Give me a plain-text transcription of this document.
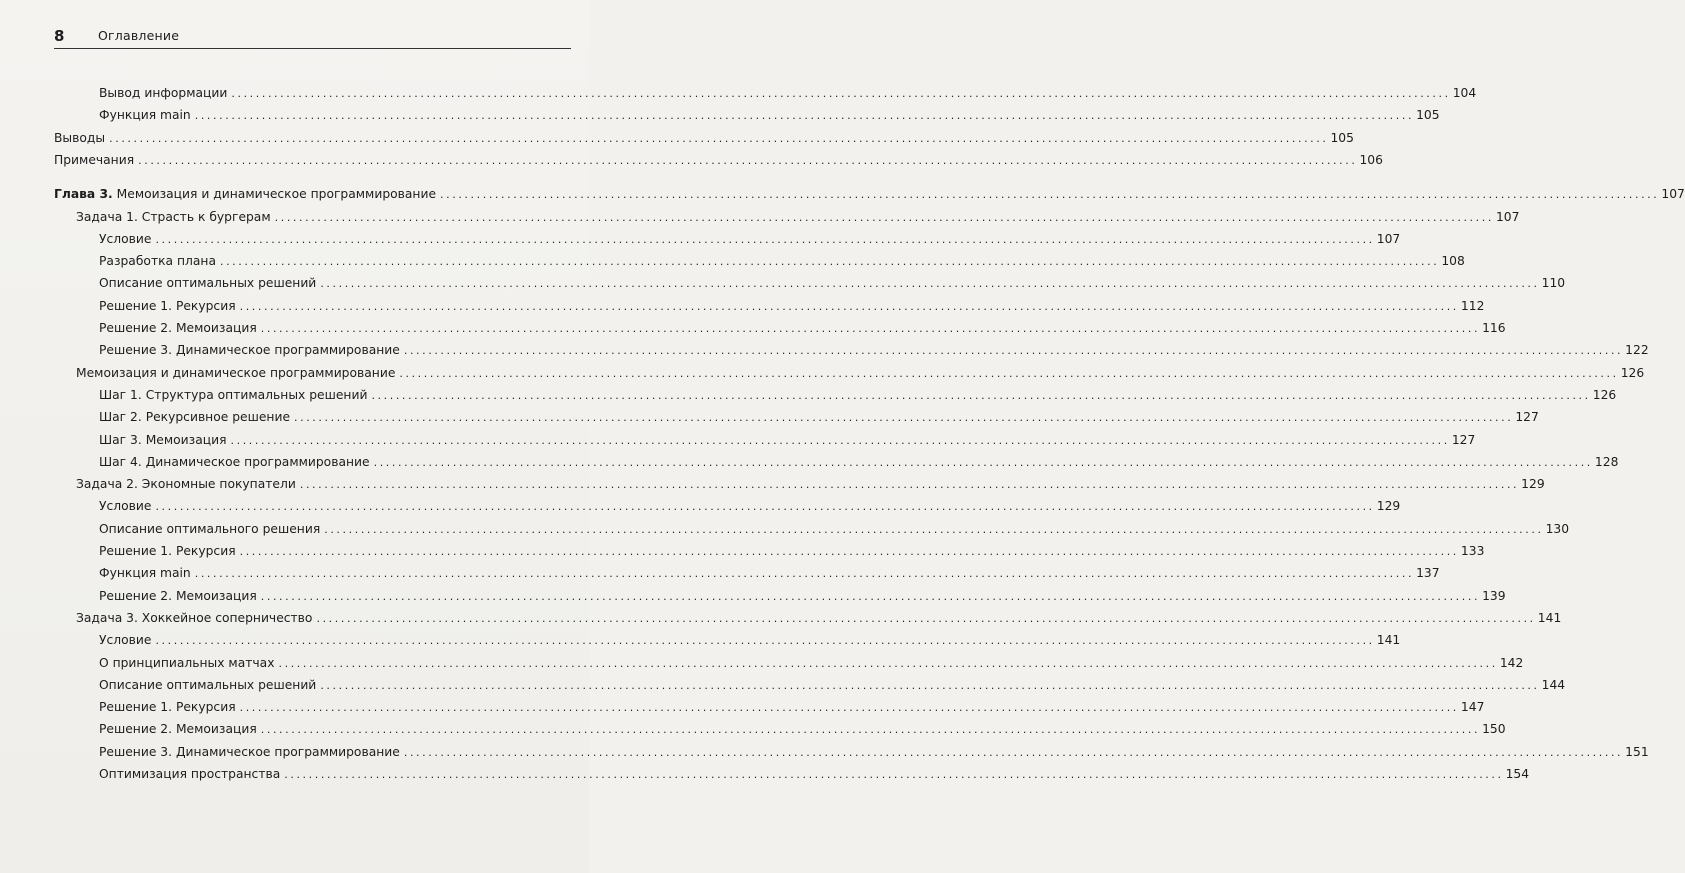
8	Оглавление
Вывод информации ........................................................................................................................................................................................................ 104
Функция main ........................................................................................................................................................................................................ 105
Выводы ........................................................................................................................................................................................................ 105
Примечания ........................................................................................................................................................................................................ 106
Глава 3. Мемоизация и динамическое программирование ........................................................................................................................................................................................................ 107
Задача 1. Страсть к бургерам ........................................................................................................................................................................................................ 107
Условие ........................................................................................................................................................................................................ 107
Разработка плана ........................................................................................................................................................................................................ 108
Описание оптимальных решений ........................................................................................................................................................................................................ 110
Решение 1. Рекурсия ........................................................................................................................................................................................................ 112
Решение 2. Мемоизация ........................................................................................................................................................................................................ 116
Решение 3. Динамическое программирование ........................................................................................................................................................................................................ 122
Мемоизация и динамическое программирование ........................................................................................................................................................................................................ 126
Шаг 1. Структура оптимальных решений ........................................................................................................................................................................................................ 126
Шаг 2. Рекурсивное решение ........................................................................................................................................................................................................ 127
Шаг 3. Мемоизация ........................................................................................................................................................................................................ 127
Шаг 4. Динамическое программирование ........................................................................................................................................................................................................ 128
Задача 2. Экономные покупатели ........................................................................................................................................................................................................ 129
Условие ........................................................................................................................................................................................................ 129
Описание оптимального решения ........................................................................................................................................................................................................ 130
Решение 1. Рекурсия ........................................................................................................................................................................................................ 133
Функция main ........................................................................................................................................................................................................ 137
Решение 2. Мемоизация ........................................................................................................................................................................................................ 139
Задача 3. Хоккейное соперничество ........................................................................................................................................................................................................ 141
Условие ........................................................................................................................................................................................................ 141
О принципиальных матчах ........................................................................................................................................................................................................ 142
Описание оптимальных решений ........................................................................................................................................................................................................ 144
Решение 1. Рекурсия ........................................................................................................................................................................................................ 147
Решение 2. Мемоизация ........................................................................................................................................................................................................ 150
Решение 3. Динамическое программирование ........................................................................................................................................................................................................ 151
Оптимизация пространства ........................................................................................................................................................................................................ 154
